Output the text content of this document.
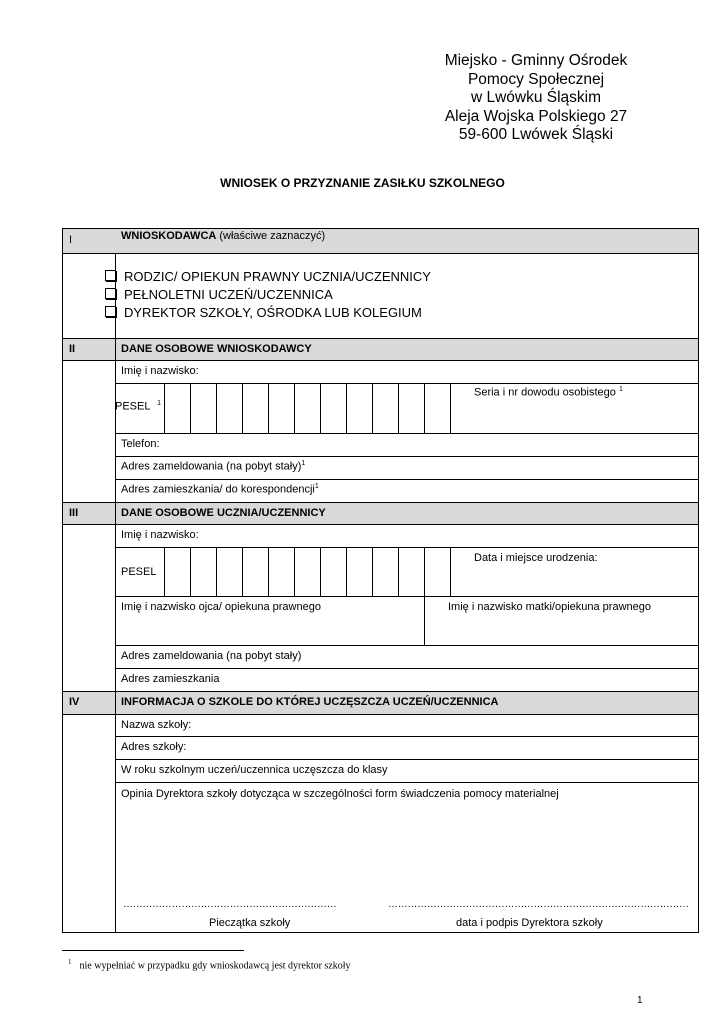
Miejsko - Gminny Ośrodek
Pomocy Społecznej
w Lwówku Śląskim
Aleja Wojska Polskiego 27
59-600 Lwówek Śląski
WNIOSEK O PRZYZNANIE ZASIŁKU SZKOLNEGO
I	WNIOSKODAWCA (właściwe zaznaczyć)
RODZIC/ OPIEKUN PRAWNY UCZNIA/UCZENNICY
PEŁNOLETNI UCZEŃ/UCZENNICA
DYREKTOR SZKOŁY, OŚRODKA LUB KOLEGIUM
II	DANE OSOBOWE WNIOSKODAWCY
Imię i nazwisko:
PESEL $^1$
Seria i nr dowodu osobistego $^1$
Telefon:
Adres zameldowania (na pobyt stały)$^1$
Adres zamieszkania/ do korespondencji$^1$
III	DANE OSOBOWE UCZNIA/UCZENNICY
Imię i nazwisko:
PESEL
Data i miejsce urodzenia:
Imię i nazwisko ojca/ opiekuna prawnego	Imię i nazwisko matki/opiekuna prawnego
Adres zameldowania (na pobyt stały)
Adres zamieszkania
IV	INFORMACJA O SZKOLE DO KTÓREJ UCZĘSZCZA UCZEŃ/UCZENNICA
Nazwa szkoły:
Adres szkoły:
W roku szkolnym uczeń/uczennica uczęszcza do klasy
Opinia Dyrektora szkoły dotycząca w szczególności form świadczenia pomocy materialnej
…………………………………………………………	…………………………………………………………………………………
Pieczątka szkoły	data i podpis Dyrektora szkoły
$^1$ nie wypełniać w przypadku gdy wnioskodawcą jest dyrektor szkoły
1
